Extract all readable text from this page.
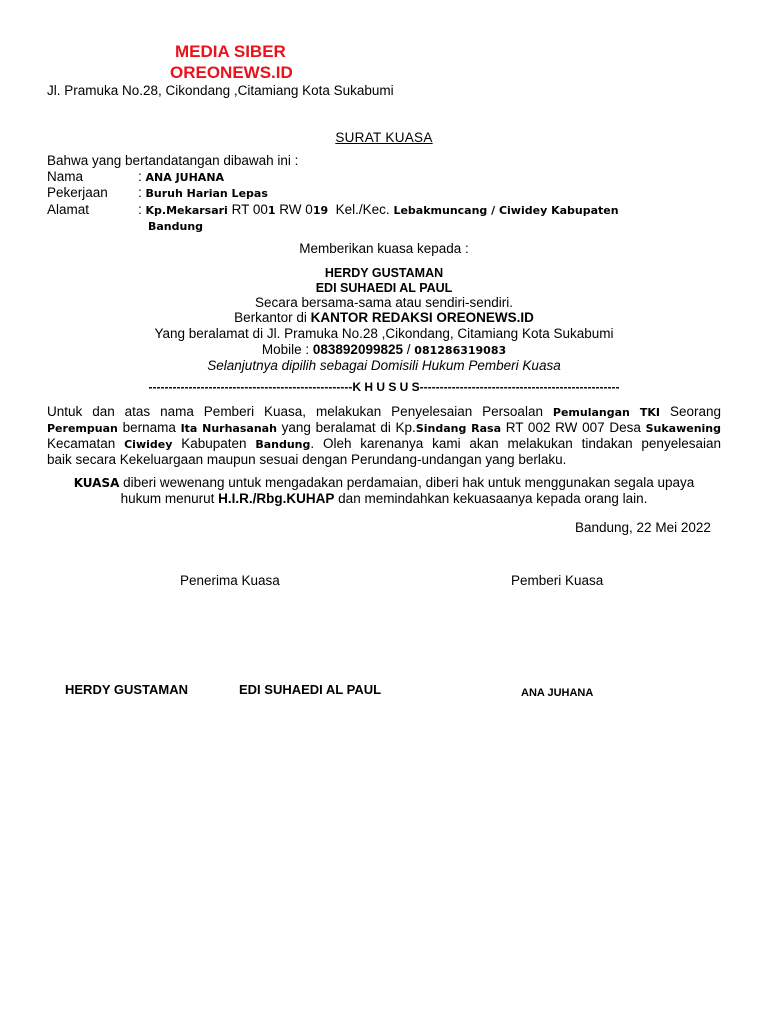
MEDIA SIBER
OREONEWS.ID
Jl. Pramuka No.28, Cikondang ,Citamiang Kota Sukabumi
SURAT KUASA
Bahwa yang bertandatangan dibawah ini :
Nama	: ANA JUHANA
Pekerjaan : Buruh Harian Lepas
Alamat	: Kp.Mekarsari RT 001 RW 019 Kel./Kec. Lebakmuncang / Ciwidey Kabupaten
Bandung
Memberikan kuasa kepada :
HERDY GUSTAMAN
EDI SUHAEDI AL PAUL
Secara bersama-sama atau sendiri-sendiri.
Berkantor di KANTOR REDAKSI OREONEWS.ID
Yang beralamat di Jl. Pramuka No.28 ,Cikondang, Citamiang Kota Sukabumi
Mobile : 083892099825 / 081286319083
Selanjutnya dipilih sebagai Domisili Hukum Pemberi Kuasa
---------------------------------------------------K H U S U S--------------------------------------------------
Untuk dan atas nama Pemberi Kuasa, melakukan Penyelesaian Persoalan Pemulangan TKI Seorang
Perempuan bernama Ita Nurhasanah yang beralamat di Kp.Sindang Rasa RT 002 RW 007 Desa Sukawening
Kecamatan Ciwidey Kabupaten Bandung. Oleh karenanya kami akan melakukan tindakan penyelesaian
baik secara Kekeluargaan maupun sesuai dengan Perundang-undangan yang berlaku.
KUASA diberi wewenang untuk mengadakan perdamaian, diberi hak untuk menggunakan segala upaya
hukum menurut H.I.R./Rbg.KUHAP dan memindahkan kekuasaanya kepada orang lain.
Bandung, 22 Mei 2022
Penerima Kuasa	Pemberi Kuasa
HERDY GUSTAMAN	EDI SUHAEDI AL PAUL	ANA JUHANA
